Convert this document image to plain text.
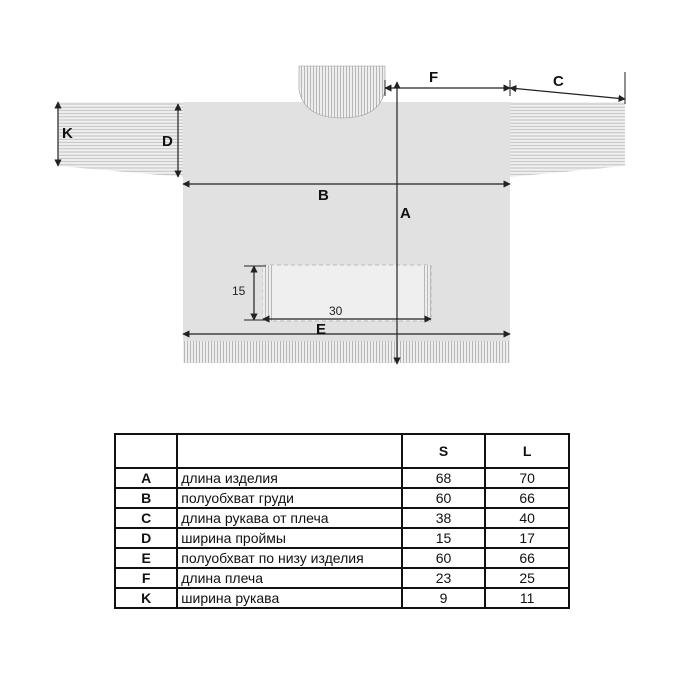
A
B
C
D
E
F
K
15
30
		S	L
A	длина изделия	68	70
B	полуобхват груди	60	66
C	длина рукава от плеча	38	40
D	ширина проймы	15	17
E	полуобхват по низу изделия	60	66
F	длина плеча	23	25
K	ширина рукава	9	11
